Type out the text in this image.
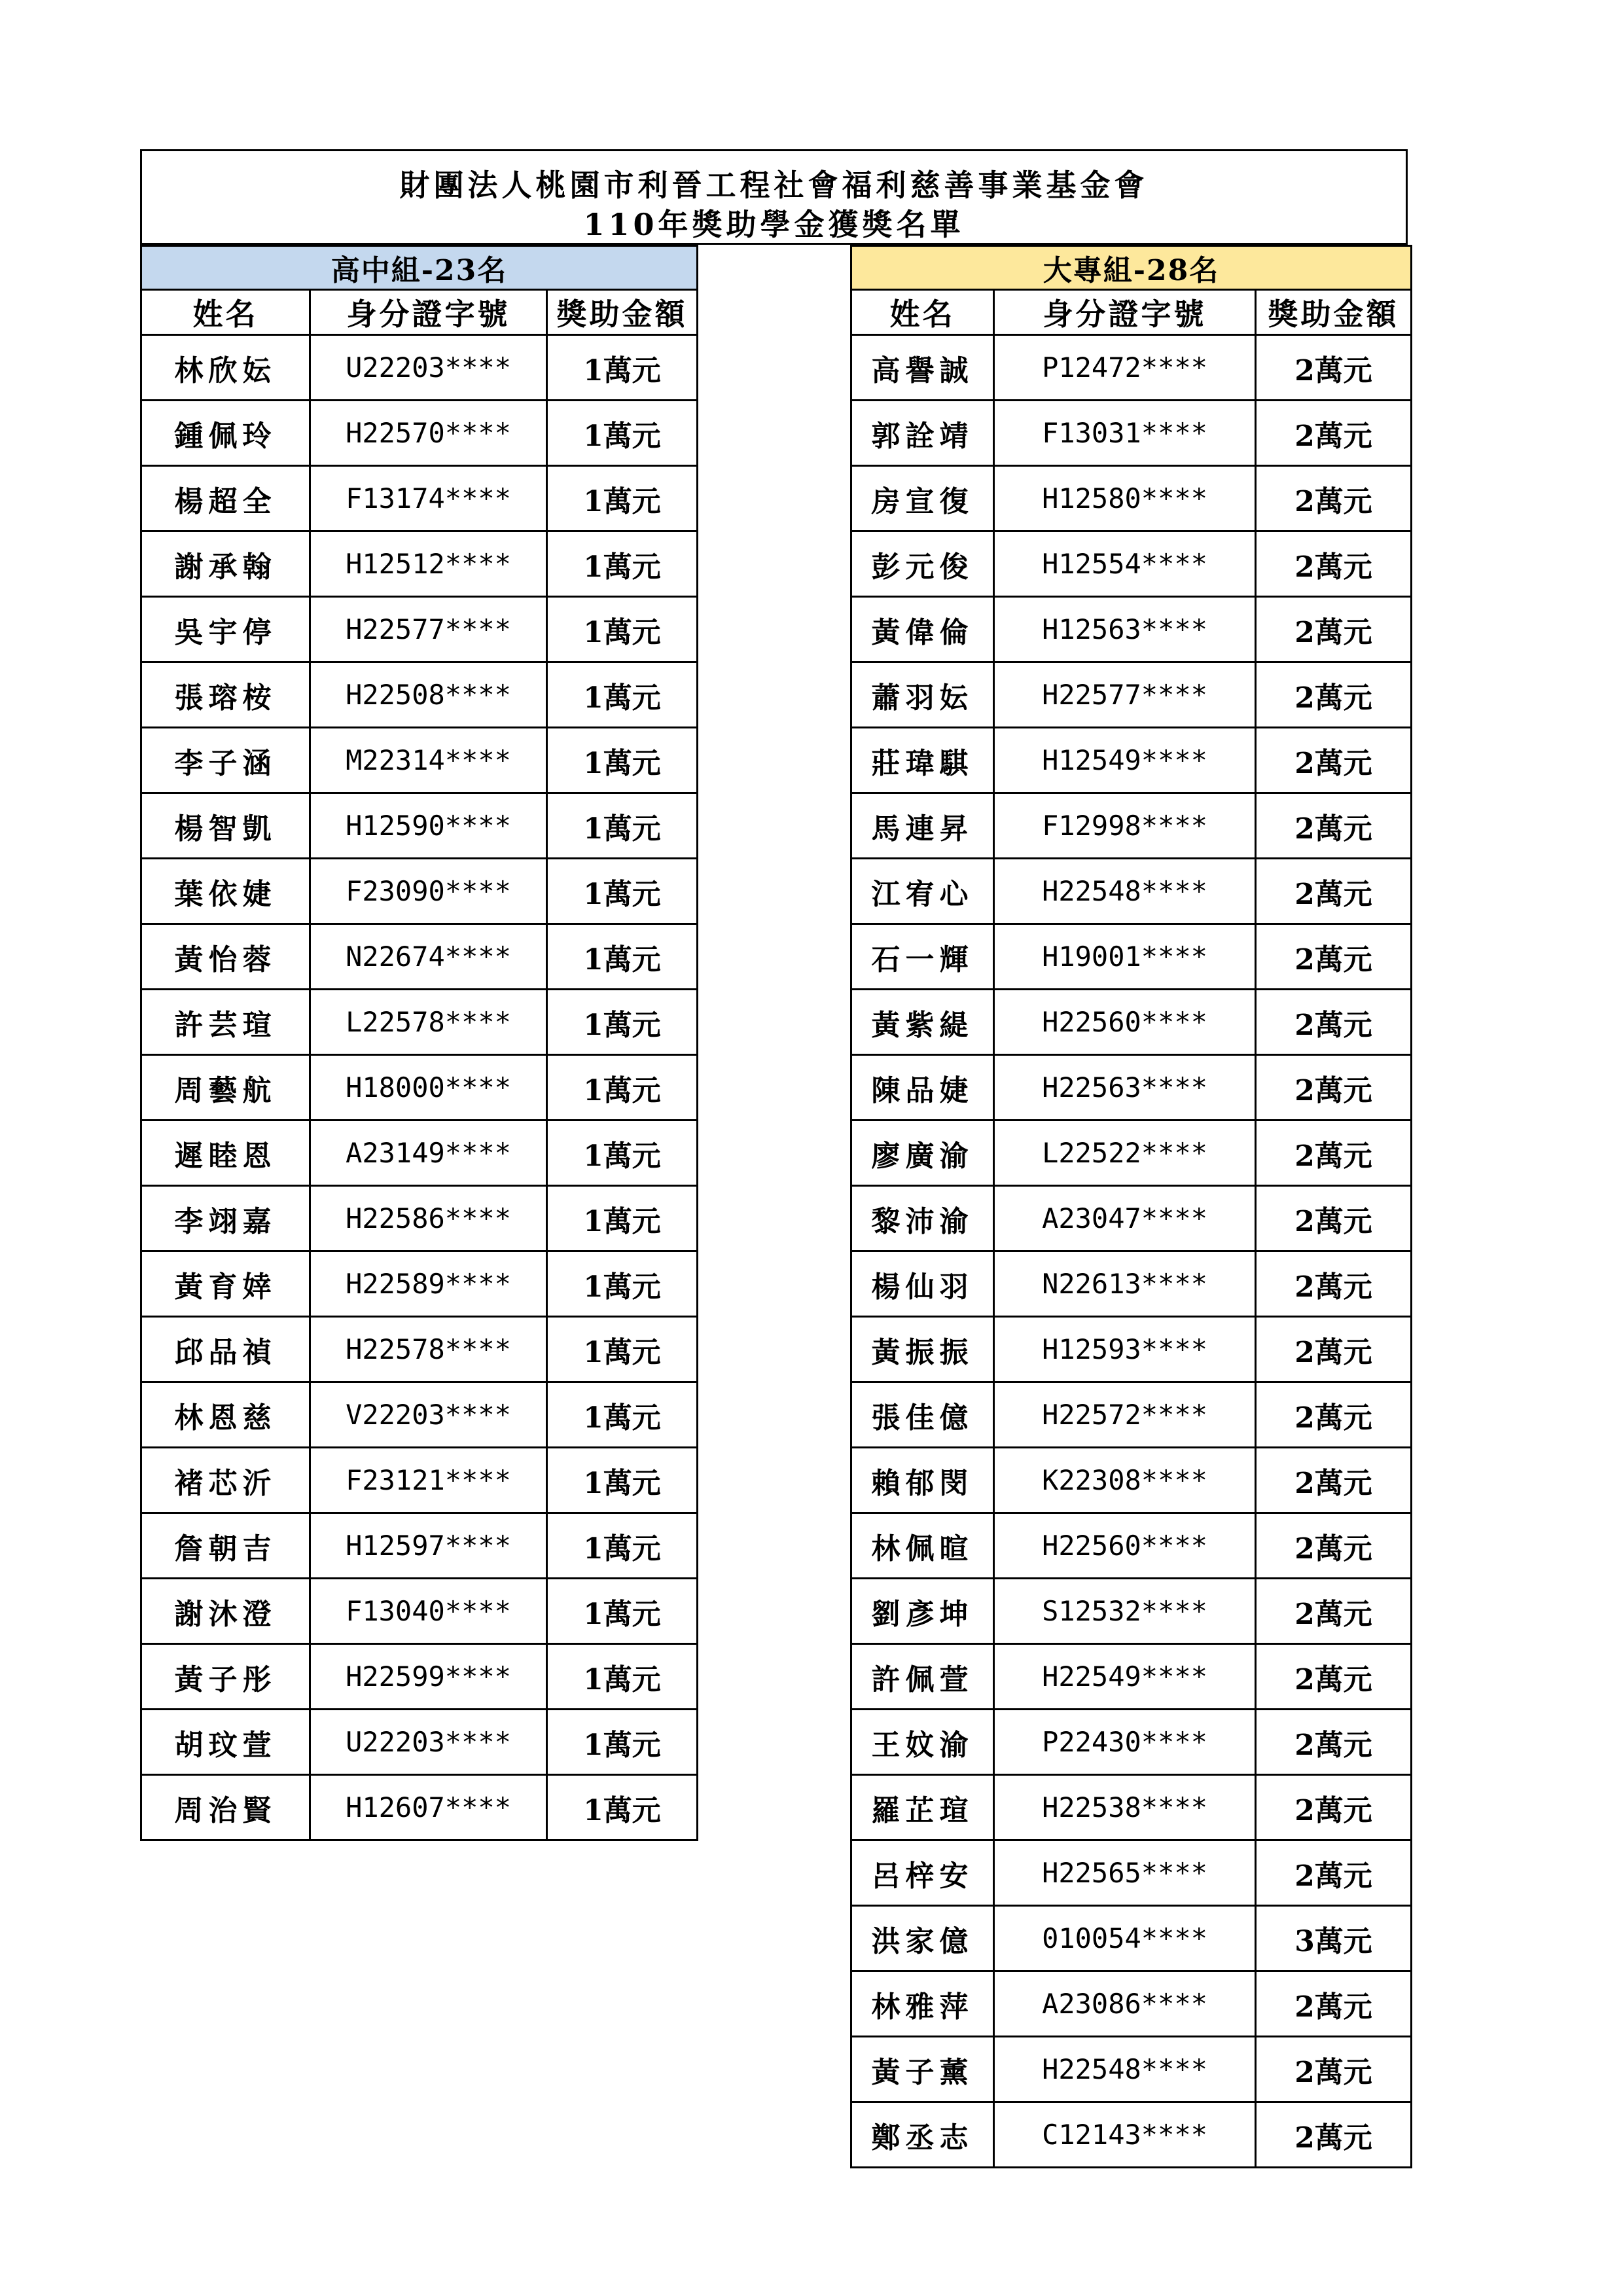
財團法人桃園市利晉工程社會福利慈善事業基金會
110年獎助學金獲獎名單
高中組-23名		
姓名	身分證字號	獎助金額
林欣妘	U22203****	1萬元
鍾佩玲	H22570****	1萬元
楊超全	F13174****	1萬元
謝承翰	H12512****	1萬元
吳宇停	H22577****	1萬元
張瑢桉	H22508****	1萬元
李子涵	M22314****	1萬元
楊智凱	H12590****	1萬元
葉依婕	F23090****	1萬元
黃怡蓉	N22674****	1萬元
許芸瑄	L22578****	1萬元
周藝航	H18000****	1萬元
遲睦恩	A23149****	1萬元
李翊嘉	H22586****	1萬元
黃育婞	H22589****	1萬元
邱品禎	H22578****	1萬元
林恩慈	V22203****	1萬元
褚芯沂	F23121****	1萬元
詹朝吉	H12597****	1萬元
謝沐澄	F13040****	1萬元
黃子彤	H22599****	1萬元
胡玟萱	U22203****	1萬元
周治賢	H12607****	1萬元
大專組-28名		
姓名	身分證字號	獎助金額
高譽誠	P12472****	2萬元
郭詮靖	F13031****	2萬元
房宣復	H12580****	2萬元
彭元俊	H12554****	2萬元
黃偉倫	H12563****	2萬元
蕭羽妘	H22577****	2萬元
莊瑋騏	H12549****	2萬元
馬連昇	F12998****	2萬元
江宥心	H22548****	2萬元
石一輝	H19001****	2萬元
黃紫緹	H22560****	2萬元
陳品婕	H22563****	2萬元
廖廣渝	L22522****	2萬元
黎沛渝	A23047****	2萬元
楊仙羽	N22613****	2萬元
黃振振	H12593****	2萬元
張佳億	H22572****	2萬元
賴郁閔	K22308****	2萬元
林佩暄	H22560****	2萬元
劉彥坤	S12532****	2萬元
許佩萱	H22549****	2萬元
王妏渝	P22430****	2萬元
羅芷瑄	H22538****	2萬元
呂梓安	H22565****	2萬元
洪家億	010054****	3萬元
林雅萍	A23086****	2萬元
黃子薰	H22548****	2萬元
鄭丞志	C12143****	2萬元
